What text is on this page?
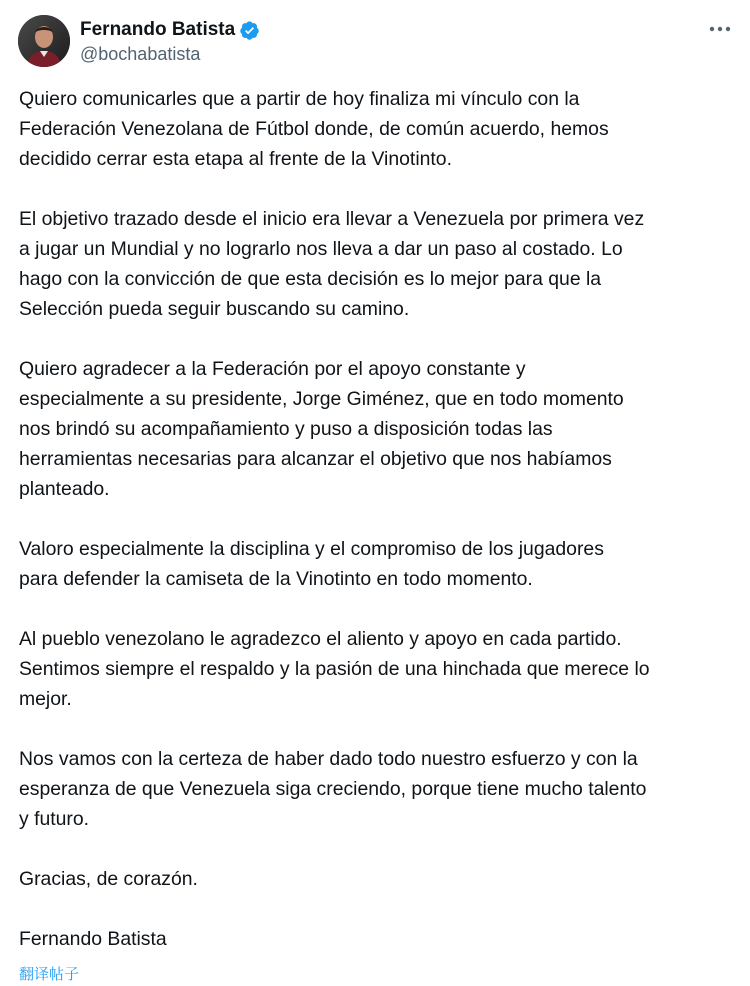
Fernando Batista
@bochabatista

Quiero comunicarles que a partir de hoy finaliza mi vínculo con la
Federación Venezolana de Fútbol donde, de común acuerdo, hemos
decidido cerrar esta etapa al frente de la Vinotinto.

El objetivo trazado desde el inicio era llevar a Venezuela por primera vez
a jugar un Mundial y no lograrlo nos lleva a dar un paso al costado. Lo
hago con la convicción de que esta decisión es lo mejor para que la
Selección pueda seguir buscando su camino.

Quiero agradecer a la Federación por el apoyo constante y
especialmente a su presidente, Jorge Giménez, que en todo momento
nos brindó su acompañamiento y puso a disposición todas las
herramientas necesarias para alcanzar el objetivo que nos habíamos
planteado.

Valoro especialmente la disciplina y el compromiso de los jugadores
para defender la camiseta de la Vinotinto en todo momento.

Al pueblo venezolano le agradezco el aliento y apoyo en cada partido.
Sentimos siempre el respaldo y la pasión de una hinchada que merece lo
mejor.

Nos vamos con la certeza de haber dado todo nuestro esfuerzo y con la
esperanza de que Venezuela siga creciendo, porque tiene mucho talento
y futuro.

Gracias, de corazón.

Fernando Batista

翻译帖子
